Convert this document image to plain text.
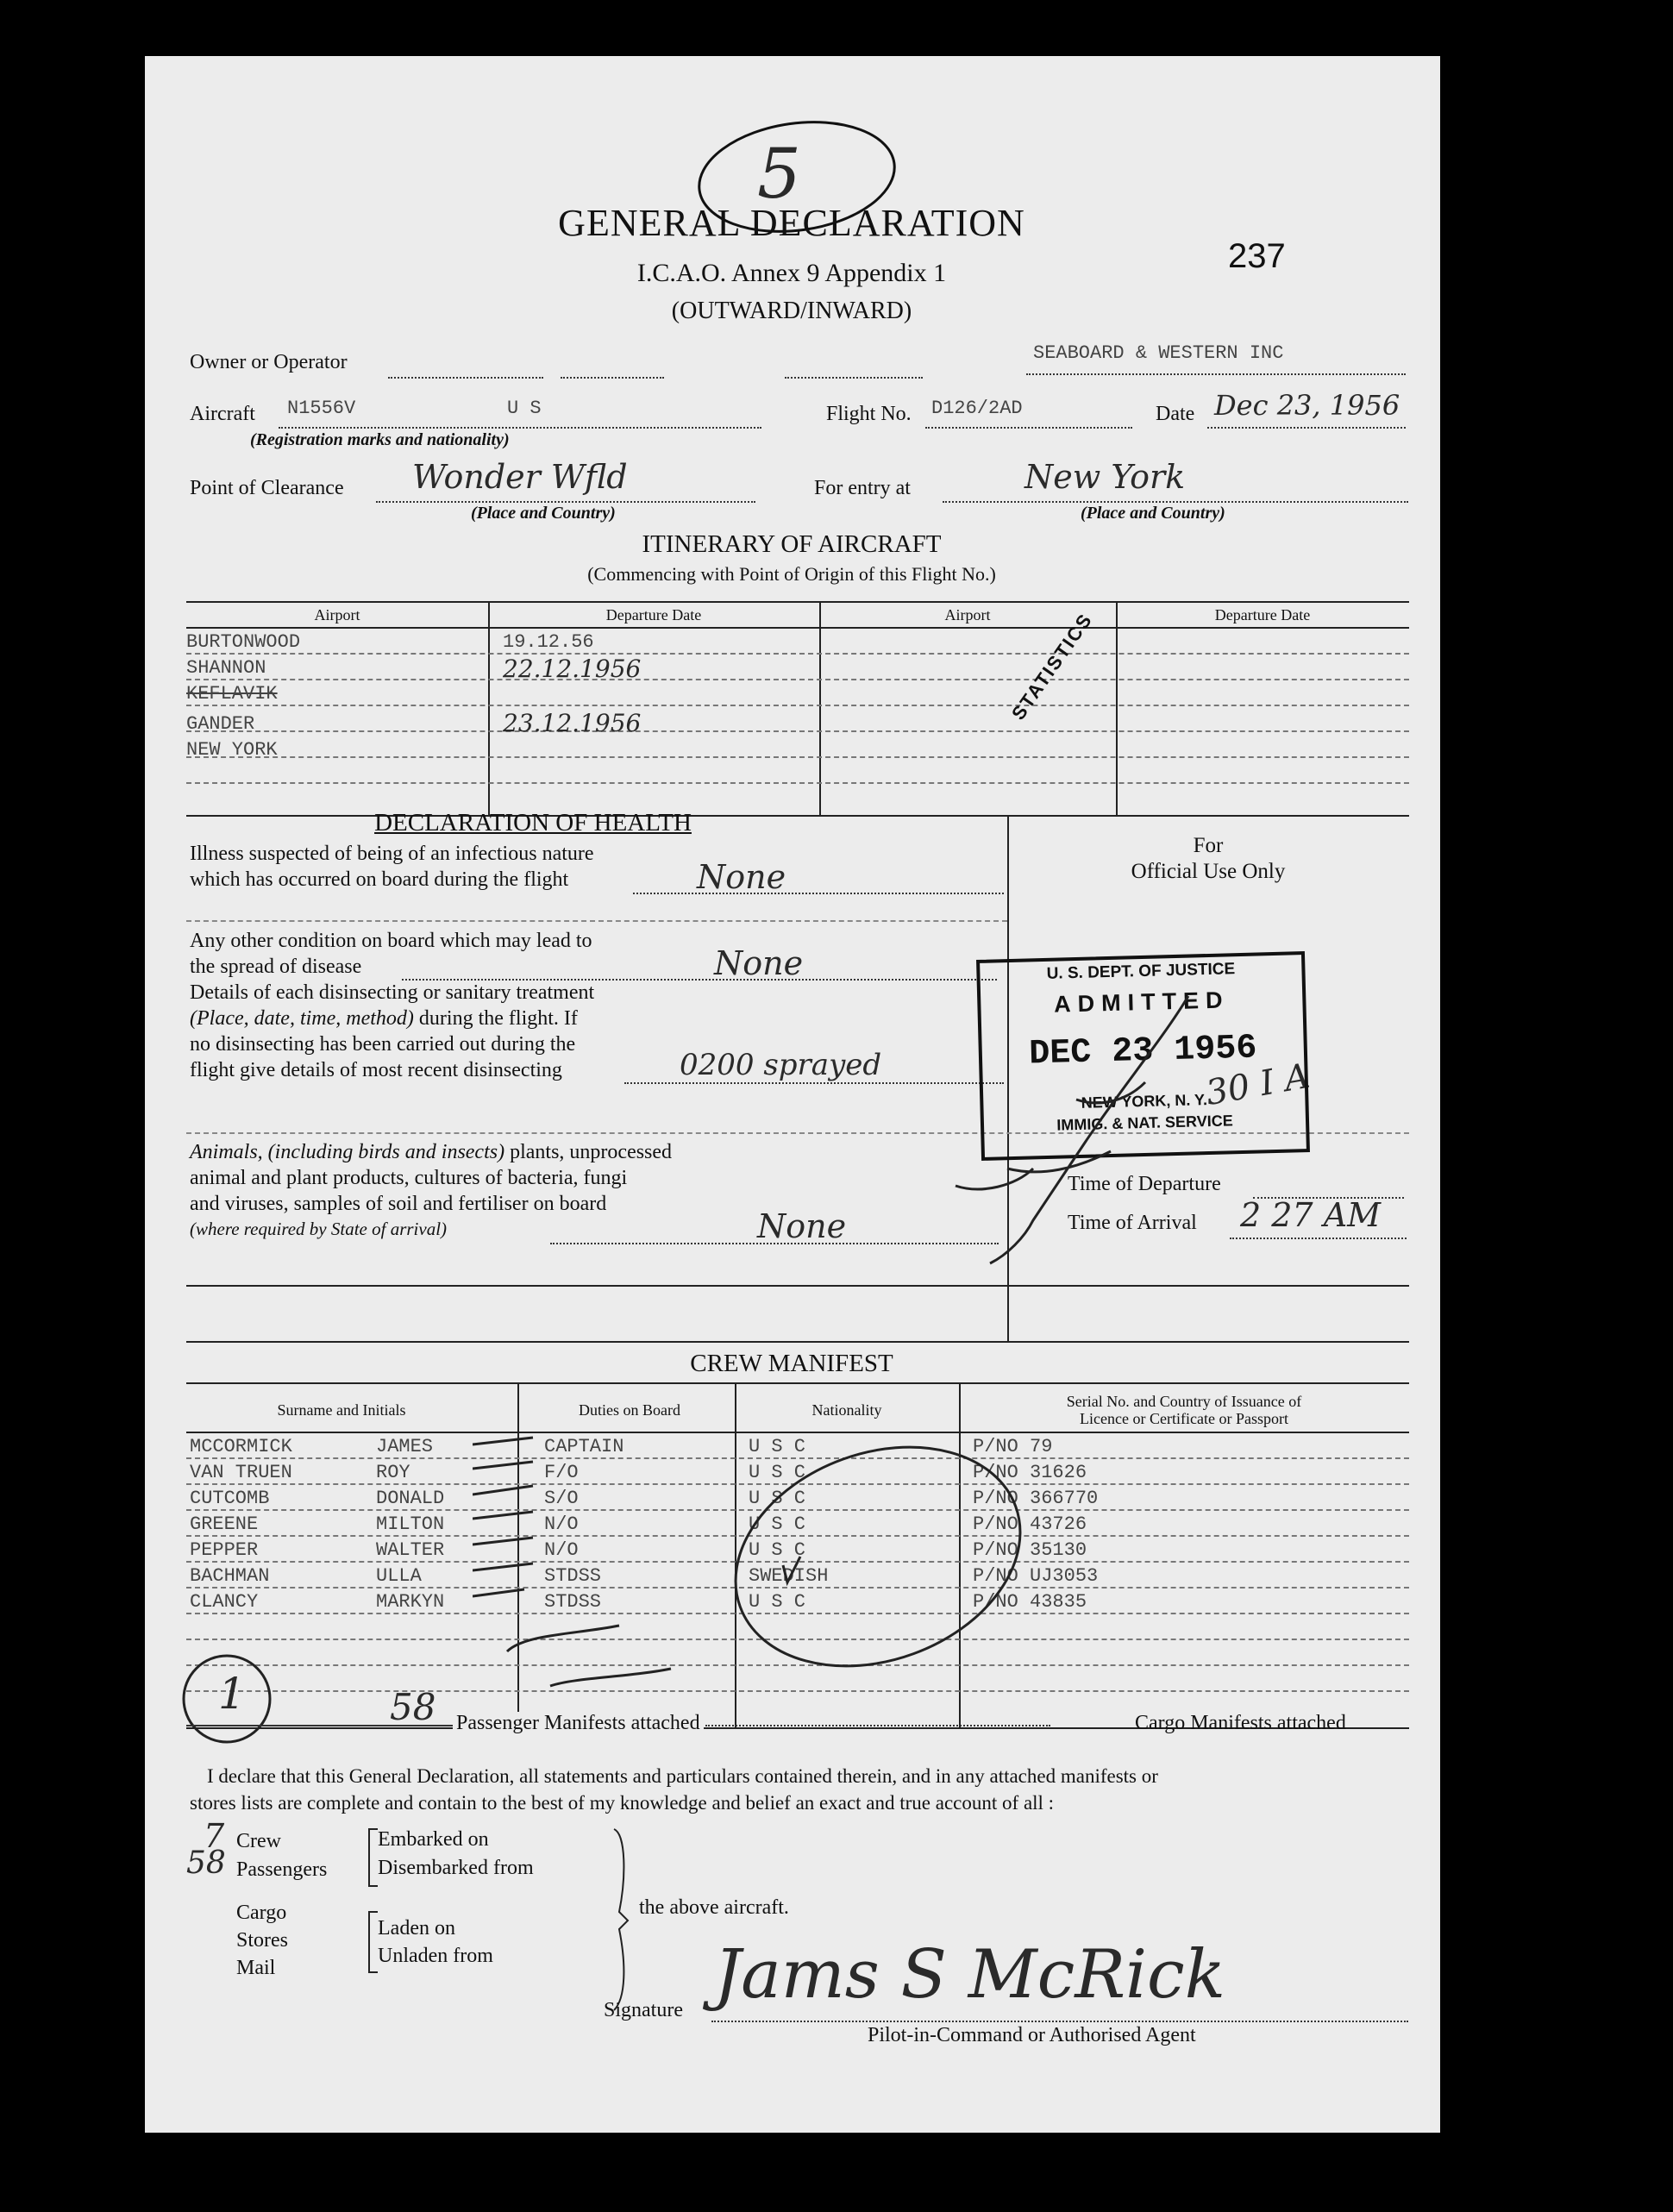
5
GENERAL DECLARATION
I.C.A.O. Annex 9 Appendix 1
(OUTWARD/INWARD)
237
Owner or Operator	SEABOARD & WESTERN INC
Aircraft N1556V	U S
(Registration marks and nationality)
Flight No. D126/2AD	Date Dec 23, 1956
Point of Clearance Wonder Wfld
(Place and Country)
For entry at	New York
(Place and Country)
ITINERARY OF AIRCRAFT
(Commencing with Point of Origin of this Flight No.)
Airport	Departure Date	Airport	Departure Date
BURTONWOOD	19.12.56
SHANNON	22.12.1956
KEFLAVIK
GANDER	23.12.1956
NEW YORK
STATISTICS
DECLARATION OF HEALTH
For
Official Use Only
Illness suspected of being of an infectious nature
which has occurred on board during the flight	None
Any other condition on board which may lead to
the spread of disease	None
Details of each disinsecting or sanitary treatment
(Place, date, time, method) during the flight. If
no disinsecting has been carried out during the
flight give details of most recent disinsecting	0200 sprayed
Animals, (including birds and insects) plants, unprocessed
animal and plant products, cultures of bacteria, fungi
and viruses, samples of soil and fertiliser on board
(where required by State of arrival)	None
Time of Departure
Time of Arrival 2 27 AM
30 I A
U. S. DEPT. OF JUSTICE
ADMITTED
DEC 23 1956
NEW YORK, N. Y.
IMMIG. & NAT. SERVICE
CREW MANIFEST
Surname and Initials	Duties on Board	Nationality	Serial No. and Country of Issuance of
Licence or Certificate or Passport
MCCORMICK	JAMES	CAPTAIN	U S C	P/NO 79
VAN TRUEN	ROY	F/O	U S C	P/NO 31626
CUTCOMB	DONALD	S/O	U S C	P/NO 366770
GREENE	MILTON	N/O	U S C	P/NO 43726
PEPPER	WALTER	N/O	U S C	P/NO 35130
BACHMAN	ULLA	STDSS	SWEDISH	P/NO UJ3053
CLANCY	MARKYN	STDSS	U S C	P/NO 43835
1	58 Passenger Manifests attached	Cargo Manifests attached
I declare that this General Declaration, all statements and particulars contained therein, and in any attached manifests or
stores lists are complete and contain to the best of my knowledge and belief an exact and true account of all :
7 Crew
58 Passengers
Cargo
Stores
Mail
Embarked on
Disembarked from
Laden on
Unladen from
the above aircraft.
Signature Jams S McRick
Pilot-in-Command or Authorised Agent
